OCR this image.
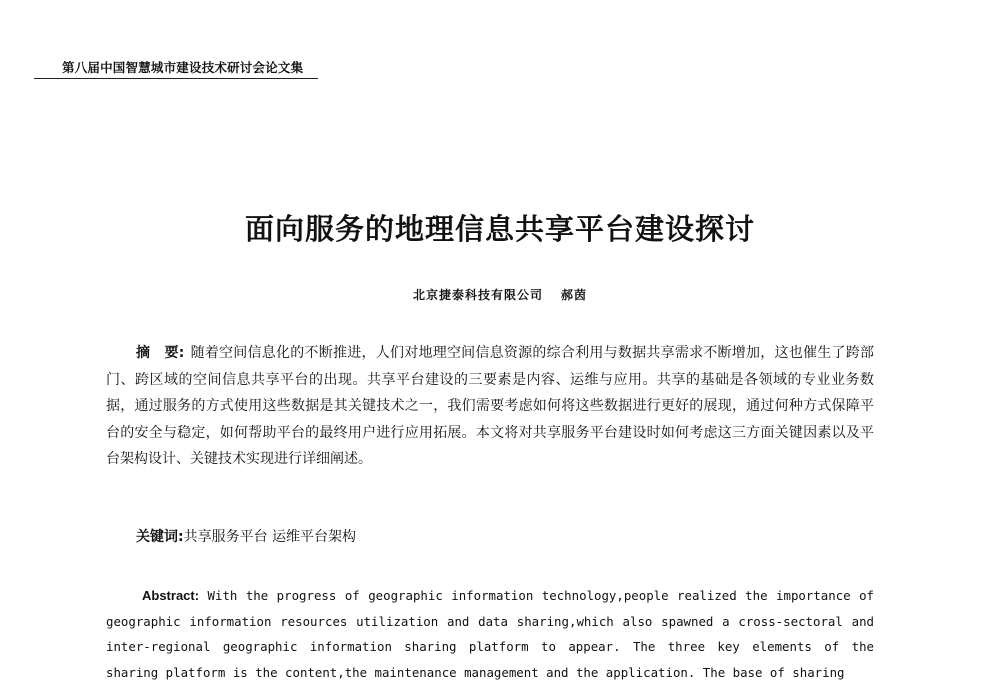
第八届中国智慧城市建设技术研讨会论文集
面向服务的地理信息共享平台建设探讨
北京捷泰科技有限公司 郝茵
摘　要: 随着空间信息化的不断推进，人们对地理空间信息资源的综合利用与数据共享需求不断增加，这也催生了跨部门、跨区域的空间信息共享平台的出现。共享平台建设的三要素是内容、运维与应用。共享的基础是各领域的专业业务数据，通过服务的方式使用这些数据是其关键技术之一，我们需要考虑如何将这些数据进行更好的展现，通过何种方式保障平台的安全与稳定，如何帮助平台的最终用户进行应用拓展。本文将对共享服务平台建设时如何考虑这三方面关键因素以及平台架构设计、关键技术实现进行详细阐述。
关键词:共享服务平台 运维平台架构
Abstract: With the progress of geographic information technology,people realized the importance of geographic information resources utilization and data sharing,which also spawned a cross-sectoral and inter-regional geographic information sharing platform to appear. The three key elements of the sharing platform is the content,the maintenance management and the application. The base of sharing
